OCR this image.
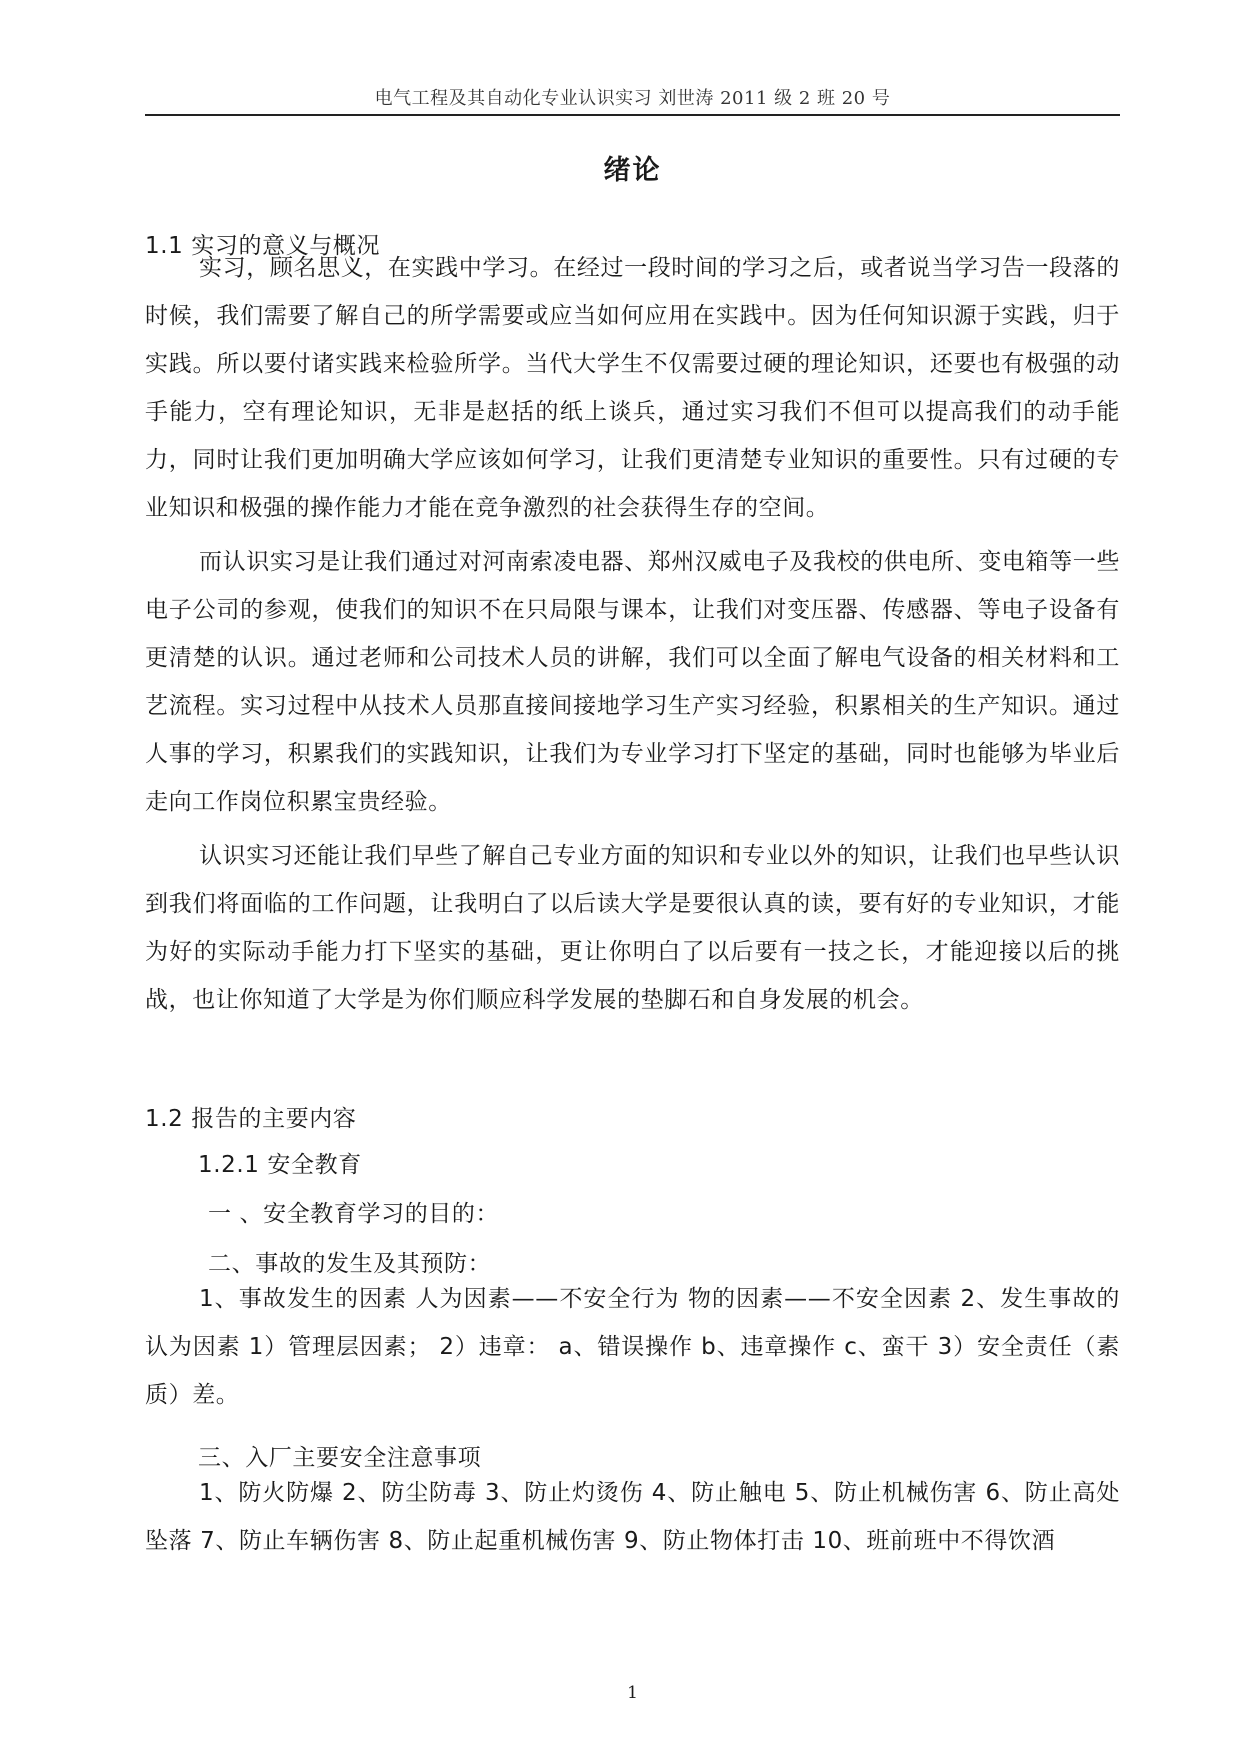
电气工程及其自动化专业认识实习 刘世涛 2011 级 2 班 20 号
绪论
1.1 实习的意义与概况

实习，顾名思义，在实践中学习。在经过一段时间的学习之后，或者说当学习告一段落的时候，我们需要了解自己的所学需要或应当如何应用在实践中。因为任何知识源于实践，归于实践。所以要付诸实践来检验所学。当代大学生不仅需要过硬的理论知识，还要也有极强的动手能力，空有理论知识，无非是赵括的纸上谈兵，通过实习我们不但可以提高我们的动手能力，同时让我们更加明确大学应该如何学习，让我们更清楚专业知识的重要性。只有过硬的专业知识和极强的操作能力才能在竞争激烈的社会获得生存的空间。

而认识实习是让我们通过对河南索凌电器、郑州汉威电子及我校的供电所、变电箱等一些电子公司的参观，使我们的知识不在只局限与课本，让我们对变压器、传感器、等电子设备有更清楚的认识。通过老师和公司技术人员的讲解，我们可以全面了解电气设备的相关材料和工艺流程。实习过程中从技术人员那直接间接地学习生产实习经验，积累相关的生产知识。通过人事的学习，积累我们的实践知识，让我们为专业学习打下坚定的基础，同时也能够为毕业后走向工作岗位积累宝贵经验。

认识实习还能让我们早些了解自己专业方面的知识和专业以外的知识，让我们也早些认识到我们将面临的工作问题，让我明白了以后读大学是要很认真的读，要有好的专业知识，才能为好的实际动手能力打下坚实的基础，更让你明白了以后要有一技之长，才能迎接以后的挑战，也让你知道了大学是为你们顺应科学发展的垫脚石和自身发展的机会。

1.2 报告的主要内容
1.2.1 安全教育
一 、安全教育学习的目的：
二、事故的发生及其预防：

1、事故发生的因素 人为因素——不安全行为 物的因素——不安全因素 2、发生事故的认为因素 1）管理层因素； 2）违章： a、错误操作 b、违章操作 c、蛮干 3）安全责任（素质）差。

三、入厂主要安全注意事项

1、防火防爆 2、防尘防毒 3、防止灼烫伤 4、防止触电 5、防止机械伤害 6、防止高处坠落 7、防止车辆伤害 8、防止起重机械伤害 9、防止物体打击 10、班前班中不得饮酒

1
